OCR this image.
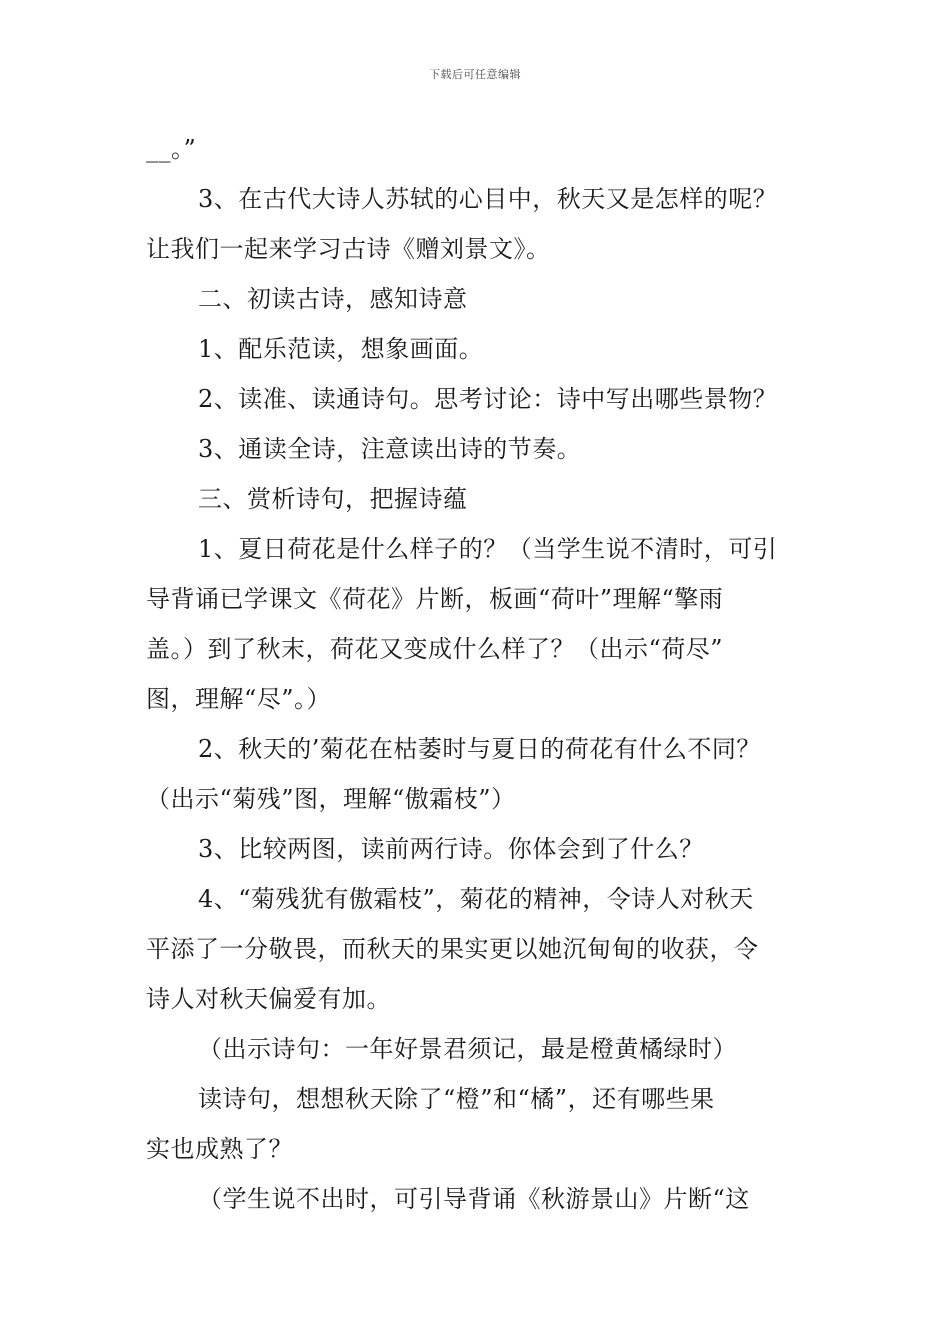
下载后可任意编辑
__。”
3、在古代大诗人苏轼的心目中，秋天又是怎样的呢？
让我们一起来学习古诗《赠刘景文》。
二、初读古诗，感知诗意
1、配乐范读，想象画面。
2、读准、读通诗句。思考讨论：诗中写出哪些景物？
3、通读全诗，注意读出诗的节奏。
三、赏析诗句，把握诗蕴
1、夏日荷花是什么样子的？（当学生说不清时，可引
导背诵已学课文《荷花》片断，板画“荷叶”理解“擎雨
盖。）到了秋末，荷花又变成什么样了？（出示“荷尽”
图，理解“尽”。）
2、秋天的’菊花在枯萎时与夏日的荷花有什么不同？
（出示“菊残”图，理解“傲霜枝”）
3、比较两图，读前两行诗。你体会到了什么？
4、“菊残犹有傲霜枝”，菊花的精神，令诗人对秋天
平添了一分敬畏，而秋天的果实更以她沉甸甸的收获，令
诗人对秋天偏爱有加。
（出示诗句：一年好景君须记，最是橙黄橘绿时）
读诗句，想想秋天除了“橙”和“橘”，还有哪些果
实也成熟了？
（学生说不出时，可引导背诵《秋游景山》片断“这
